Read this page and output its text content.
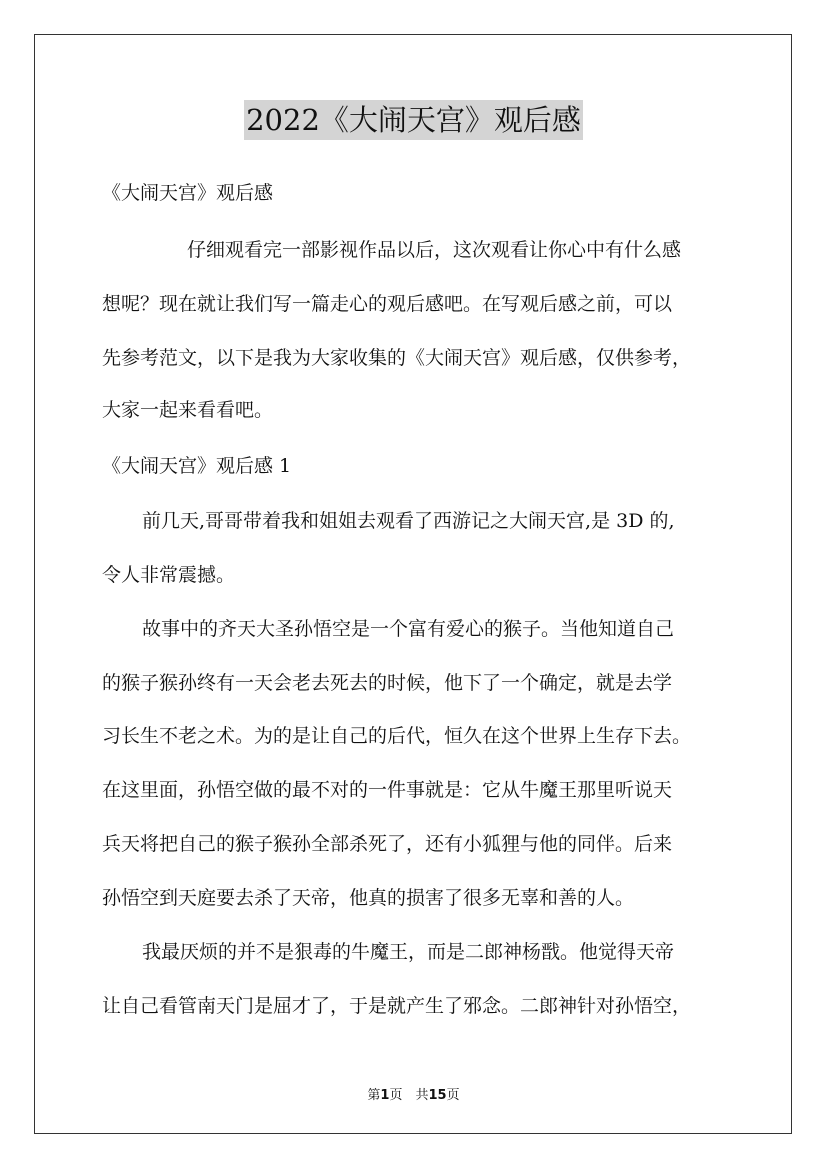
2022《大闹天宫》观后感
《大闹天宫》观后感
仔细观看完一部影视作品以后，这次观看让你心中有什么感
想呢？现在就让我们写一篇走心的观后感吧。在写观后感之前，可以
先参考范文，以下是我为大家收集的《大闹天宫》观后感，仅供参考，
大家一起来看看吧。
《大闹天宫》观后感 1
前几天,哥哥带着我和姐姐去观看了西游记之大闹天宫,是 3D 的,
令人非常震撼。
故事中的齐天大圣孙悟空是一个富有爱心的猴子。当他知道自己
的猴子猴孙终有一天会老去死去的时候，他下了一个确定，就是去学
习长生不老之术。为的是让自己的后代，恒久在这个世界上生存下去。
在这里面，孙悟空做的最不对的一件事就是：它从牛魔王那里听说天
兵天将把自己的猴子猴孙全部杀死了，还有小狐狸与他的同伴。后来
孙悟空到天庭要去杀了天帝，他真的损害了很多无辜和善的人。
我最厌烦的并不是狠毒的牛魔王，而是二郎神杨戬。他觉得天帝
让自己看管南天门是屈才了，于是就产生了邪念。二郎神针对孙悟空，
第1页　共15页
